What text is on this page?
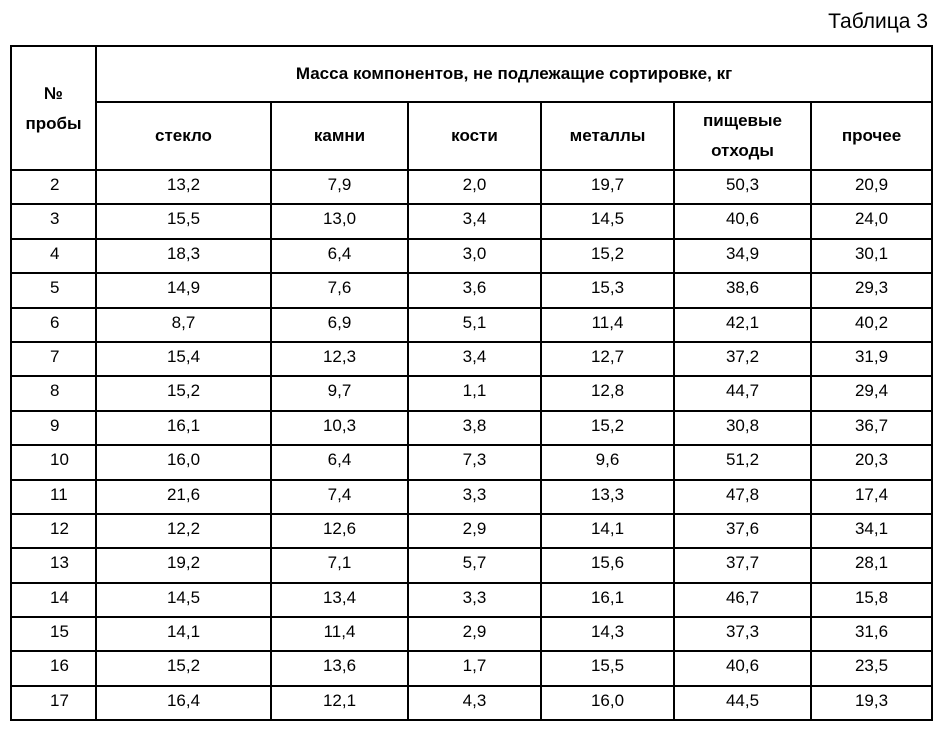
Таблица 3
№
пробы	Масса компонентов, не подлежащие сортировке, кг					
	стекло	камни	кости	металлы	пищевые отходы	прочее
2	13,2	7,9	2,0	19,7	50,3	20,9
3	15,5	13,0	3,4	14,5	40,6	24,0
4	18,3	6,4	3,0	15,2	34,9	30,1
5	14,9	7,6	3,6	15,3	38,6	29,3
6	8,7	6,9	5,1	11,4	42,1	40,2
7	15,4	12,3	3,4	12,7	37,2	31,9
8	15,2	9,7	1,1	12,8	44,7	29,4
9	16,1	10,3	3,8	15,2	30,8	36,7
10	16,0	6,4	7,3	9,6	51,2	20,3
11	21,6	7,4	3,3	13,3	47,8	17,4
12	12,2	12,6	2,9	14,1	37,6	34,1
13	19,2	7,1	5,7	15,6	37,7	28,1
14	14,5	13,4	3,3	16,1	46,7	15,8
15	14,1	11,4	2,9	14,3	37,3	31,6
16	15,2	13,6	1,7	15,5	40,6	23,5
17	16,4	12,1	4,3	16,0	44,5	19,3
